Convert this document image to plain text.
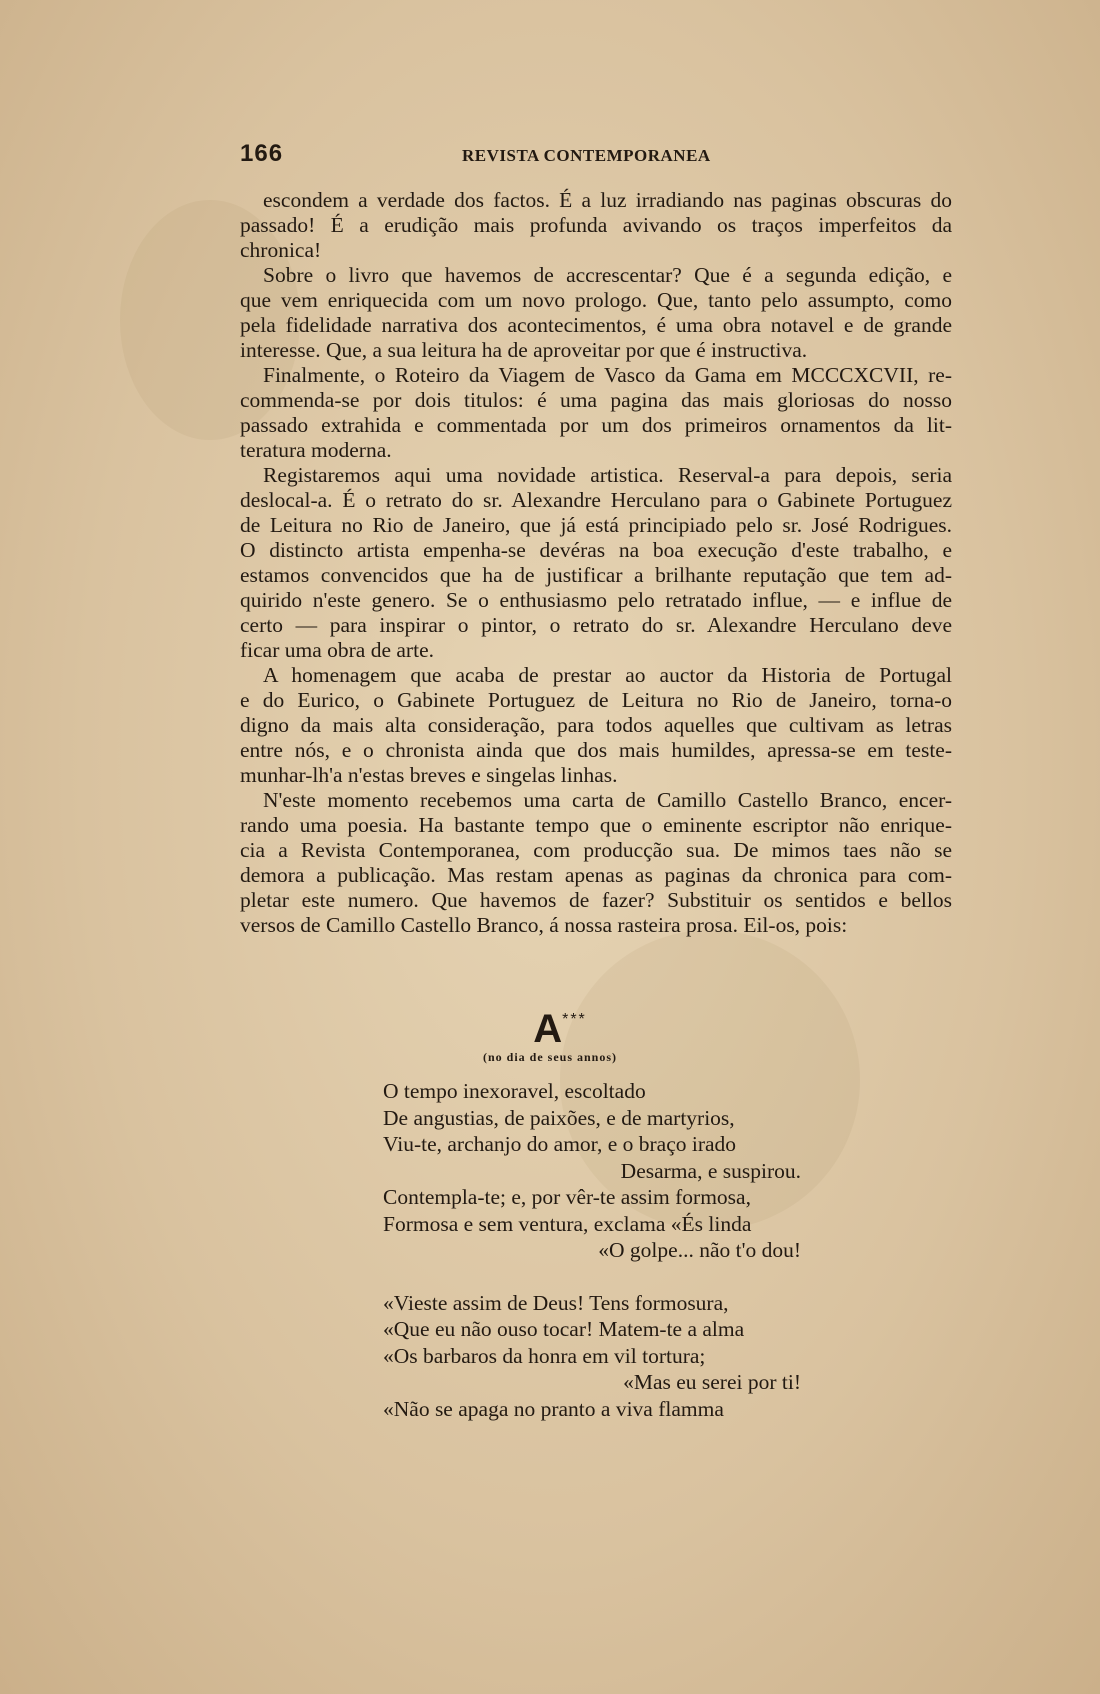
166	REVISTA CONTEMPORANEA
escondem a verdade dos factos. É a luz irradiando nas paginas obscuras do
passado! É a erudição mais profunda avivando os traços imperfeitos da
chronica!
Sobre o livro que havemos de accrescentar? Que é a segunda edição, e
que vem enriquecida com um novo prologo. Que, tanto pelo assumpto, como
pela fidelidade narrativa dos acontecimentos, é uma obra notavel e de grande
interesse. Que, a sua leitura ha de aproveitar por que é instructiva.
Finalmente, o Roteiro da Viagem de Vasco da Gama em MCCCXCVII, re-
commenda-se por dois titulos: é uma pagina das mais gloriosas do nosso
passado extrahida e commentada por um dos primeiros ornamentos da lit-
teratura moderna.
Registaremos aqui uma novidade artistica. Reserval-a para depois, seria
deslocal-a. É o retrato do sr. Alexandre Herculano para o Gabinete Portuguez
de Leitura no Rio de Janeiro, que já está principiado pelo sr. José Rodrigues.
O distincto artista empenha-se devéras na boa execução d'este trabalho, e
estamos convencidos que ha de justificar a brilhante reputação que tem ad-
quirido n'este genero. Se o enthusiasmo pelo retratado influe, — e influe de
certo — para inspirar o pintor, o retrato do sr. Alexandre Herculano deve
ficar uma obra de arte.
A homenagem que acaba de prestar ao auctor da Historia de Portugal
e do Eurico, o Gabinete Portuguez de Leitura no Rio de Janeiro, torna-o
digno da mais alta consideração, para todos aquelles que cultivam as letras
entre nós, e o chronista ainda que dos mais humildes, apressa-se em teste-
munhar-lh'a n'estas breves e singelas linhas.
N'este momento recebemos uma carta de Camillo Castello Branco, encer-
rando uma poesia. Ha bastante tempo que o eminente escriptor não enrique-
cia a Revista Contemporanea, com producção sua. De mimos taes não se
demora a publicação. Mas restam apenas as paginas da chronica para com-
pletar este numero. Que havemos de fazer? Substituir os sentidos e bellos
versos de Camillo Castello Branco, á nossa rasteira prosa. Eil-os, pois:
A***
(no dia de seus annos)
O tempo inexoravel, escoltado
De angustias, de paixões, e de martyrios,
Viu-te, archanjo do amor, e o braço irado
Desarma, e suspirou.
Contempla-te; e, por vêr-te assim formosa,
Formosa e sem ventura, exclama «És linda
«O golpe... não t'o dou!
«Vieste assim de Deus! Tens formosura,
«Que eu não ouso tocar! Matem-te a alma
«Os barbaros da honra em vil tortura;
«Mas eu serei por ti!
«Não se apaga no pranto a viva flamma
